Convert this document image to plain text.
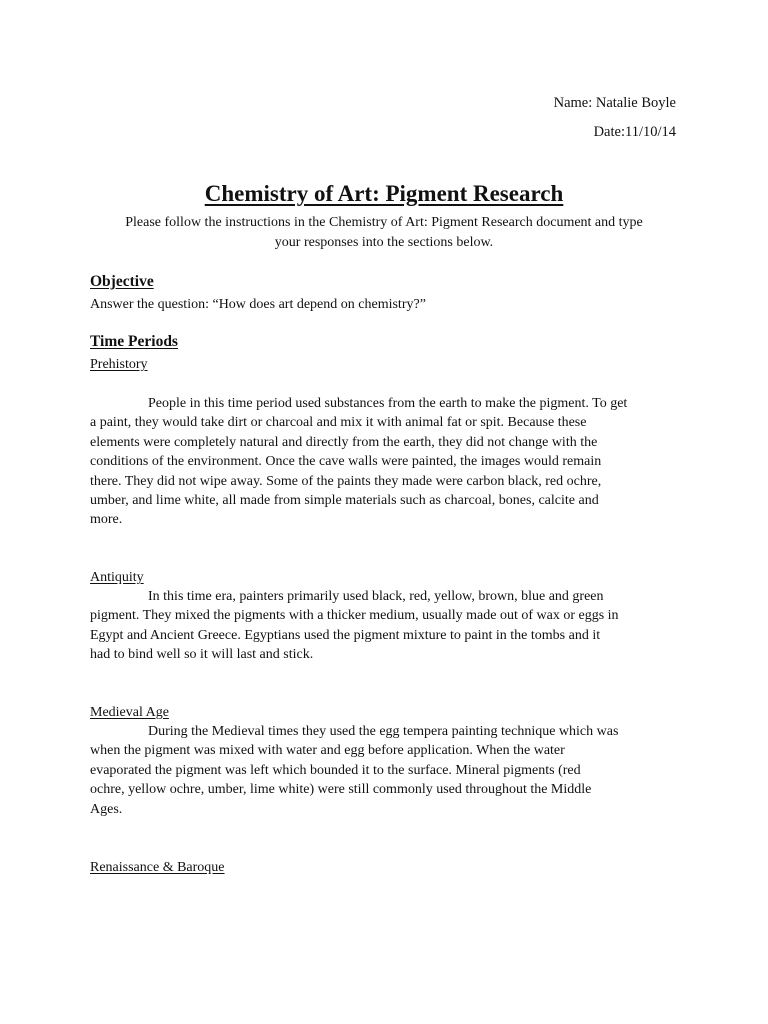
Name: Natalie Boyle
Date:11/10/14
Chemistry of Art: Pigment Research
Please follow the instructions in the Chemistry of Art: Pigment Research document and type
your responses into the sections below.
Objective
Answer the question: “How does art depend on chemistry?”
Time Periods
Prehistory
People in this time period used substances from the earth to make the pigment. To get
a paint, they would take dirt or charcoal and mix it with animal fat or spit. Because these
elements were completely natural and directly from the earth, they did not change with the
conditions of the environment. Once the cave walls were painted, the images would remain
there. They did not wipe away. Some of the paints they made were carbon black, red ochre,
umber, and lime white, all made from simple materials such as charcoal, bones, calcite and
more.
Antiquity
In this time era, painters primarily used black, red, yellow, brown, blue and green
pigment. They mixed the pigments with a thicker medium, usually made out of wax or eggs in
Egypt and Ancient Greece. Egyptians used the pigment mixture to paint in the tombs and it
had to bind well so it will last and stick.
Medieval Age
During the Medieval times they used the egg tempera painting technique which was
when the pigment was mixed with water and egg before application. When the water
evaporated the pigment was left which bounded it to the surface. Mineral pigments (red
ochre, yellow ochre, umber, lime white) were still commonly used throughout the Middle
Ages.
Renaissance & Baroque
